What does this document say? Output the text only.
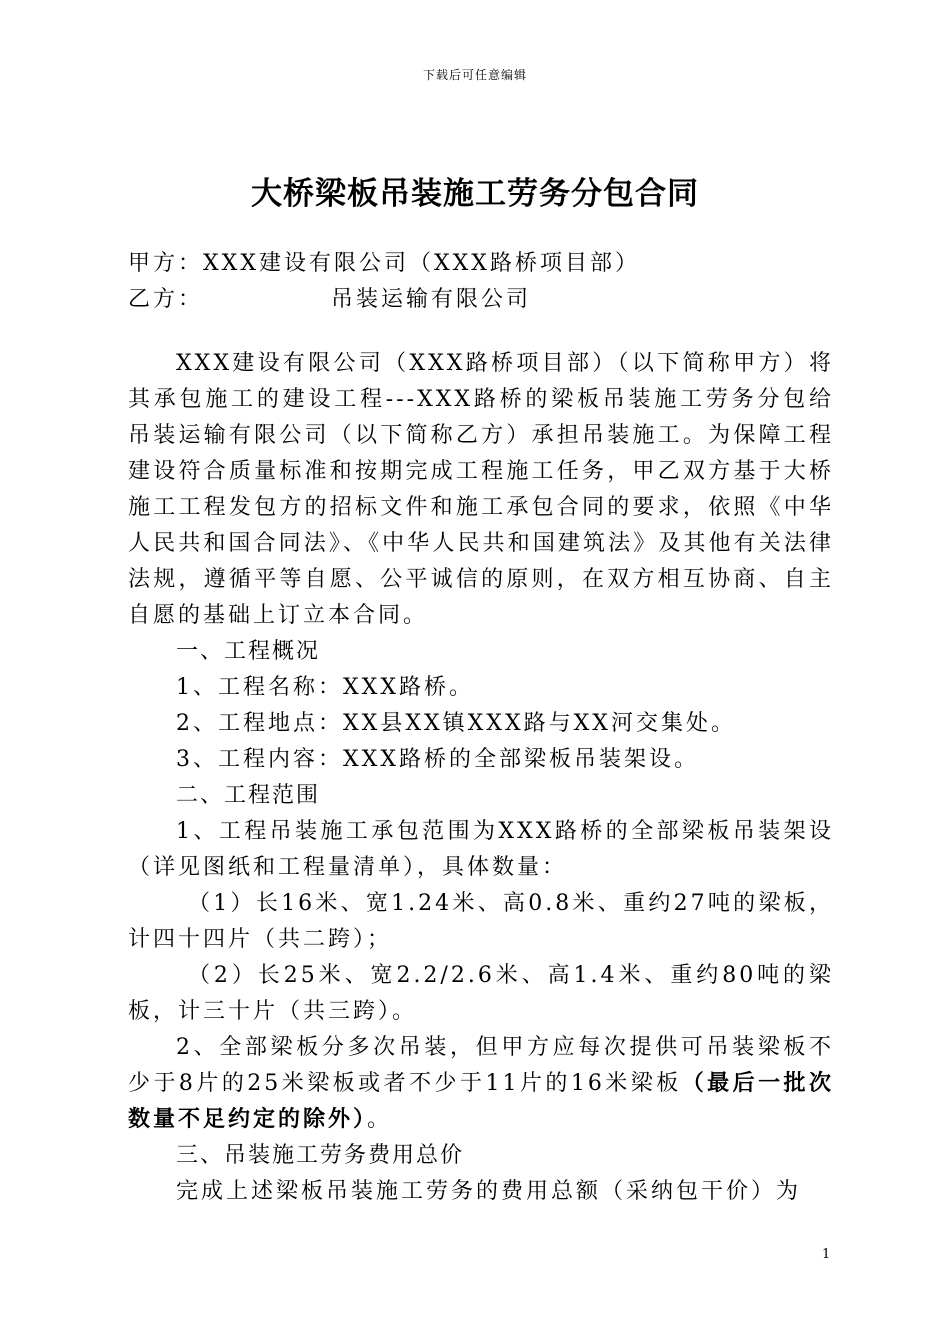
下载后可任意编辑
大桥梁板吊装施工劳务分包合同
甲方：XXX建设有限公司（XXX路桥项目部）
乙方：	吊装运输有限公司

XXX建设有限公司（XXX路桥项目部）（以下简称甲方）将其承包施工的建设工程---XXX路桥的梁板吊装施工劳务分包给吊装运输有限公司（以下简称乙方）承担吊装施工。为保障工程建设符合质量标准和按期完成工程施工任务，甲乙双方基于大桥施工工程发包方的招标文件和施工承包合同的要求，依照《中华人民共和国合同法》、《中华人民共和国建筑法》及其他有关法律法规，遵循平等自愿、公平诚信的原则，在双方相互协商、自主自愿的基础上订立本合同。

一、工程概况

1、工程名称：XXX路桥。

2、工程地点：XX县XX镇XXX路与XX河交集处。

3、工程内容：XXX路桥的全部梁板吊装架设。

二、工程范围

1、工程吊装施工承包范围为XXX路桥的全部梁板吊装架设（详见图纸和工程量清单），具体数量：

（1）长16米、宽1.24米、高0.8米、重约27吨的梁板，计四十四片（共二跨）；

（2）长25米、宽2.2/2.6米、高1.4米、重约80吨的梁板，计三十片（共三跨）。

2、全部梁板分多次吊装，但甲方应每次提供可吊装梁板不少于8片的25米梁板或者不少于11片的16米梁板（最后一批次数量不足约定的除外）。

三、吊装施工劳务费用总价

完成上述梁板吊装施工劳务的费用总额（采纳包干价）为

1
